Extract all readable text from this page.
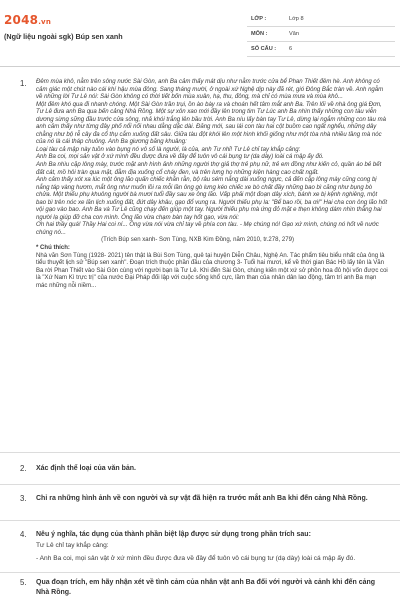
2048.vn
(Ngữ liệu ngoài sgk) Búp sen xanh
LỚP :	Lớp 8
MÔN :	Văn
SỐ CÂU :	6
1. Đêm mùa khô, nằm trên sông nước Sài Gòn, anh Ba cảm thấy mát dịu như nằm trước cửa bể Phan Thiết đêm hè. Anh không có cảm giác một chút nào cái khí hậu mùa đông. Sang tháng mười, ở ngoài xứ Nghệ dịp này đã rét, gió Đông Bắc tràn về. Anh ngẫm về những lời Tư Lê nói: Sài Gòn không có thời tiết bốn mùa xuân, hạ, thu, đông, mà chỉ có mùa mưa và mùa khô...

Một đêm khó qua đi nhanh chóng. Một Sài Gòn trần trụi, ồn ào bày ra và choán hết tâm mắt anh Ba. Trên lối về nhà ông giá Đơn, Tư Lê đưa anh Ba qua bến cảng Nhà Rồng. Một sự xôn xao mới đầy lên trong tim Tư Lúc anh Ba nhìn thấy những con tàu viễn dương sừng sững đầu trước cửa sông, nhả khói trắng lên bầu trời. Anh Ba níu lấy bàn tay Tư Lê, dừng lại ngắm những con tàu mà anh cảm thấy như từng đây phố nổi nối nhau dằng dặc dài. Đăng mới, sau lái con tàu hai cột buồm cao ngất nghểu, những dây chằng như bộ rễ cây đa cổ thụ cắm xuống đất sâu. Giữa tàu đột khói lên một hình khối giống như một tòa nhà nhiều tầng mà nóc của nó là cái tháp chuông. Anh Ba giương băng khuâng:

Loại tàu cả mập này tuồn vào bụng nó vô số là người, là của, anh Tư nhỉ! Tư Lê chỉ tay khắp cảng:

Anh Ba coi, mọi sản vật ở xứ mình đều được đưa về đây để tuôn vô cái bụng tư (da dày) loài cá mập ấy đó.

Anh Ba nhìu cặp lông mày, trước mặt anh hình ảnh những người thợ giả thợ trẻ phụ nữ, trẻ em đồng như kiến cỏ, quần áo bẻ bết đất cát, mồ hôi tràn qua mặt, đằm địa xuống cổ cháy đen, và trên lưng họ những kiện hàng cao chất ngất.

Anh cảm thấy xót xa lúc một ông lão quấn chiếc khăn rằn, bộ râu sém nắng dài xuống ngực, cả đến cặp lông mày cũng cong bị nắng táp vàng hươm, mắt ông như muốn lồi ra mỗi lần ông gò lưng kéo chiếc xe bò chất đầy những bao bì căng như bụng bò chửa. Một thiếu phụ khuông người bà mươi tuổi đầy sau xe ông lão. Vấp phải một đoạn dây xích, bánh xe bị kệnh nghiêng, một bao bì trên nóc xe lăn lịch xuống đất, đứt dây khâu, gạo đổ vung ra. Người thiếu phụ la: "Bể bao rồi, ba ơi!" Hai cha con ông lão hốt vội gạo vào bao. Anh Ba và Tư Lê cũng chạy đến giúp một tay. Người thiếu phụ mà ứng đỏ mặt e thẹn không dám nhìn thẳng hai người lạ giúp đỡ cha con mình. Ông lão vừa chạm bàn tay hốt gạo, vừa nói:

Ơn hai thầy quá! Thầy Hai coi ní... Ông vừa nói vừa chỉ tay về phía con tàu. - Mẹ chúng nó! Gạo xứ mình, chúng nó hốt về nước chúng nó...

(Trích Búp sen xanh- Sơn Tùng, NXB Kim Đồng, năm 2010, tr.278, 279)

* Chú thích:

Nhà văn Sơn Tùng (1928- 2021) tên thật là Bùi Sơn Tùng, quê tại huyện Diễn Châu, Nghệ An. Tác phẩm tiêu biểu nhất của ông là tiểu thuyết lịch sử "Búp sen xanh". Đoạn trích thuộc phần đầu của chương 3- Tuổi hai mươi, kể về thời gian Bác Hồ lấy tên là Văn Ba rời Phan Thiết vào Sài Gòn cùng với người bạn là Tư Lê. Khi đến Sài Gòn, chúng kiến một xứ sở phồn hoa đô hội vốn được coi là "Xứ Nam Kì trực trị" của nước Đại Pháp đối lập với cuộc sống khổ cực, lầm than của nhân dân lao động, tâm trí anh Ba mạn mác những nỗi niềm...

2. Xác định thể loại của văn bản.
3. Chỉ ra những hình ảnh về con người và sự vật đã hiện ra trước mắt anh Ba khi đến cảng Nhà Rồng.
4. Nêu ý nghĩa, tác dụng của thành phần biệt lập được sử dụng trong phần trích sau:
Tư Lê chỉ tay khắp cảng:
- Anh Ba coi, mọi sản vật ở xứ mình đều được đưa về đây để tuôn vô cái bụng tư (dạ dày) loài cá mập ấy đó.
5. Qua đoạn trích, em hãy nhận xét về tình cảm của nhân vật anh Ba đối với người và cảnh khi đến cảng Nhà Rồng.
